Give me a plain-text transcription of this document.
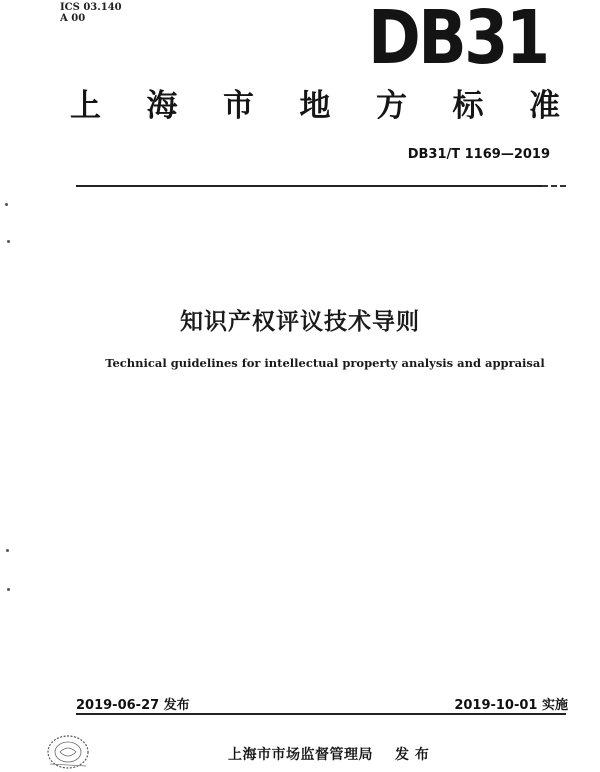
ICS 03.140
A 00	DB31
上 海 市 地 方 标 准
DB31/T 1169—2019
知识产权评议技术导则
Technical guidelines for intellectual property analysis and appraisal
2019-06-27 发布	2019-10-01 实施
上海市市场监督管理局 发 布
